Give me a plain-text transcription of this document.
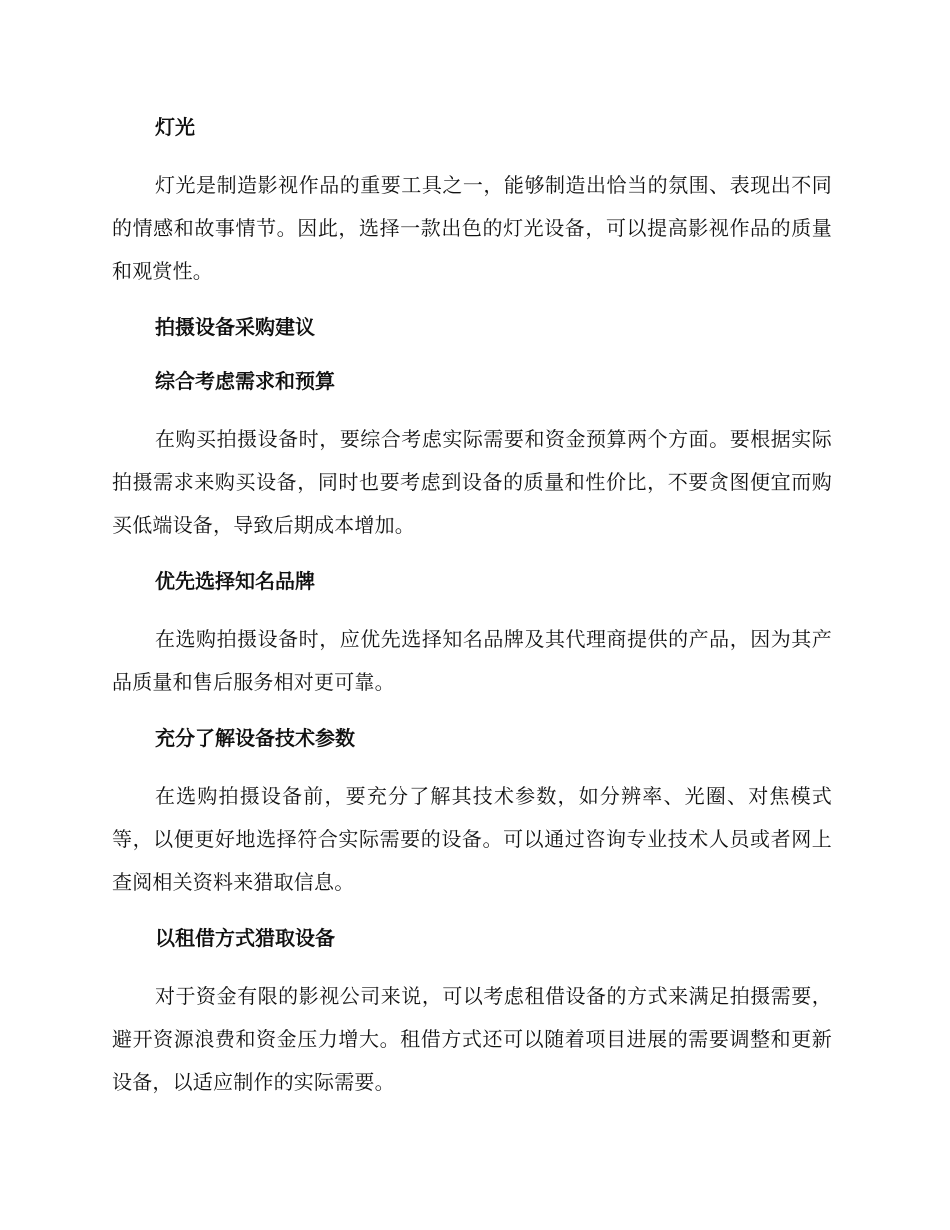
灯光

灯光是制造影视作品的重要工具之一，能够制造出恰当的氛围、表现出不同的情感和故事情节。因此，选择一款出色的灯光设备，可以提高影视作品的质量和观赏性。

拍摄设备采购建议
综合考虑需求和预算

在购买拍摄设备时，要综合考虑实际需要和资金预算两个方面。要根据实际拍摄需求来购买设备，同时也要考虑到设备的质量和性价比，不要贪图便宜而购买低端设备，导致后期成本增加。

优先选择知名品牌

在选购拍摄设备时，应优先选择知名品牌及其代理商提供的产品，因为其产品质量和售后服务相对更可靠。

充分了解设备技术参数

在选购拍摄设备前，要充分了解其技术参数，如分辨率、光圈、对焦模式等，以便更好地选择符合实际需要的设备。可以通过咨询专业技术人员或者网上查阅相关资料来猎取信息。

以租借方式猎取设备

对于资金有限的影视公司来说，可以考虑租借设备的方式来满足拍摄需要，避开资源浪费和资金压力增大。租借方式还可以随着项目进展的需要调整和更新设备，以适应制作的实际需要。
